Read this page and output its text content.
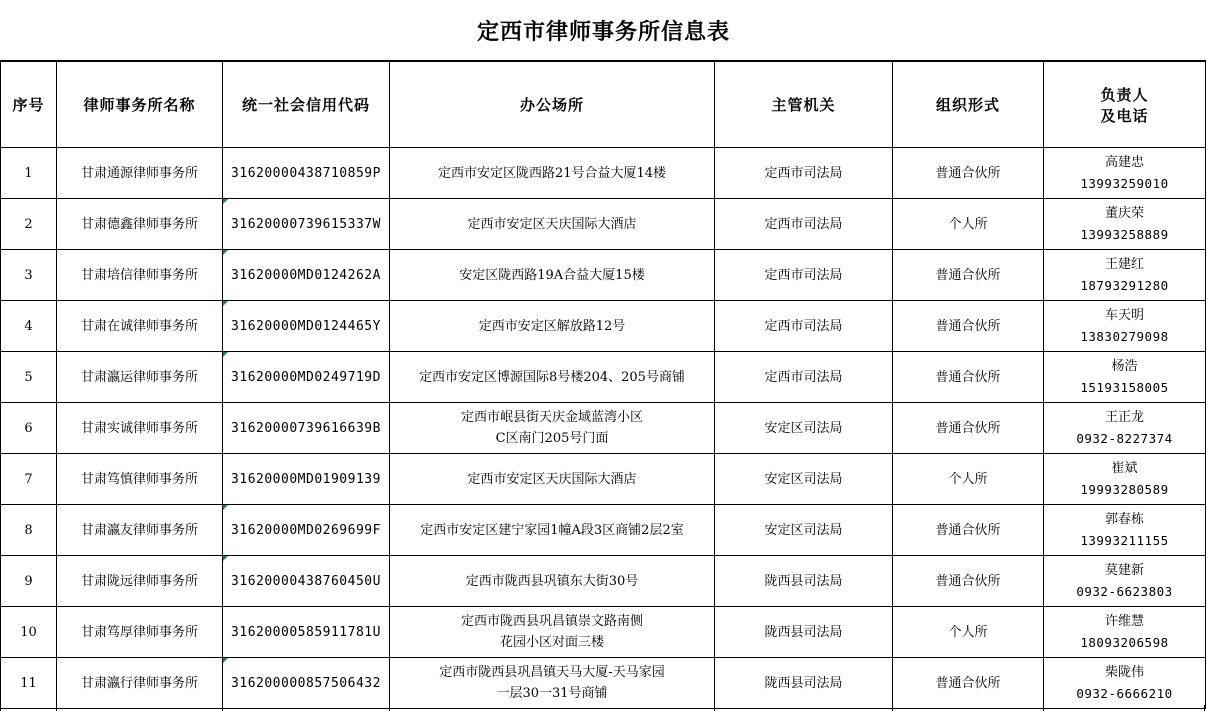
定西市律师事务所信息表
序号	律师事务所名称	统一社会信用代码	办公场所	主管机关	组织形式	负责人
及电话
1	甘肃通源律师事务所	31620000438710859P	定西市安定区陇西路21号合益大厦14楼	定西市司法局	普通合伙所	高建忠
13993259010

2	甘肃德鑫律师事务所	31620000739615337W	定西市安定区天庆国际大酒店	定西市司法局	个人所	董庆荣
13993258889

3	甘肃培信律师事务所	31620000MD0124262A	安定区陇西路19A合益大厦15楼	定西市司法局	普通合伙所	王建红
18793291280

4	甘肃在诚律师事务所	31620000MD0124465Y	定西市安定区解放路12号	定西市司法局	普通合伙所	车天明
13830279098

5	甘肃瀛运律师事务所	31620000MD0249719D	定西市安定区博源国际8号楼204、205号商铺	定西市司法局	普通合伙所	杨浩
15193158005

6	甘肃实诚律师事务所	31620000739616639B	定西市岷县街天庆金域蓝湾小区
C区南门205号门面	安定区司法局	普通合伙所	王正龙
0932-8227374

7	甘肃笃慎律师事务所	31620000MD01909139	定西市安定区天庆国际大酒店	安定区司法局	个人所	崔斌
19993280589

8	甘肃瀛友律师事务所	31620000MD0269699F	定西市安定区建宁家园1幢A段3区商铺2层2室	安定区司法局	普通合伙所	郭春栋
13993211155

9	甘肃陇远律师事务所	31620000438760450U	定西市陇西县巩镇东大街30号	陇西县司法局	普通合伙所	莫建新
0932-6623803

10	甘肃笃厚律师事务所	31620000585911781U	定西市陇西县巩昌镇崇文路南侧
花园小区对面三楼	陇西县司法局	个人所	许维慧
18093206598

11	甘肃瀛行律师事务所	316200000857506432	定西市陇西县巩昌镇天马大厦-天马家园
一层30一31号商铺	陇西县司法局	普通合伙所	柴陇伟
0932-6666210
